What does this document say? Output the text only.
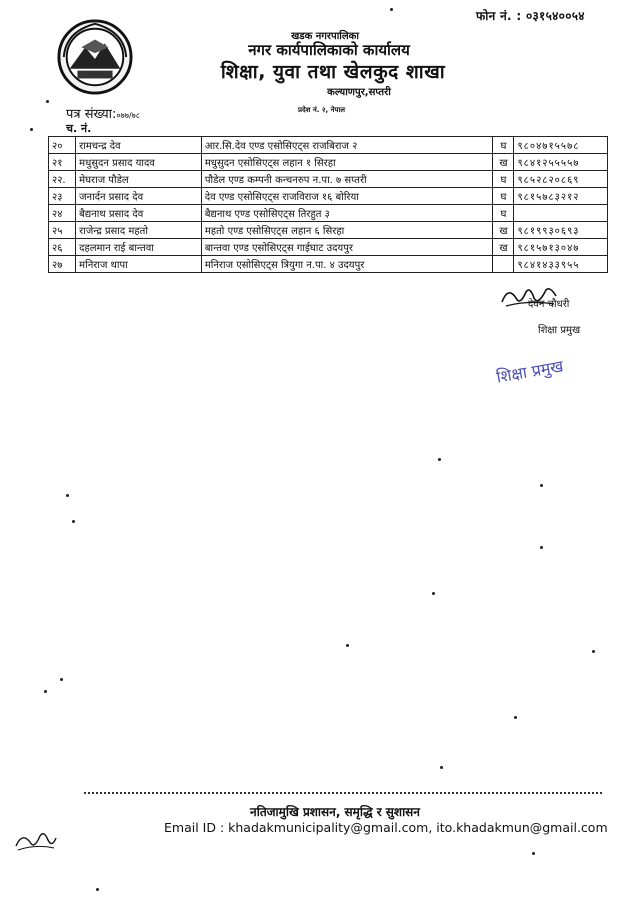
फोन नं. : ०३१५४००५४
खडक नगरपालिका
नगर कार्यपालिकाको कार्यालय
शिक्षा, युवा तथा खेलकुद शाखा
कल्याणपुर,सप्तरी
प्रदेश नं. २, नेपाल
पत्र संख्या:०७७/७८
च. नं.
२०	रामचन्द्र देव	आर.सि.देव एण्ड एसोसिएट्स राजबिराज २	घ	९८०४७१५५७८
२१	मधुसुदन प्रसाद यादव	मधुसुदन एसोसिएट्स लहान १ सिरहा	ख	९८४१२५५५५७
२२.	मेघराज पौडेल	पौडेल एण्ड कम्पनी कन्चनरुप न.पा. ७ सप्तरी	घ	९८५२८२०८६९
२३	जनार्दन प्रसाद देव	देव एण्ड एसोसिएट्स राजविराज १६ बोरिया	घ	९८१५७८३२१२
२४	बैद्यनाथ प्रसाद देव	बैद्यनाथ एण्ड एसोसिएट्स तिरहुत ३	घ	
२५	राजेन्द्र प्रसाद महतो	महतो एण्ड एसोसिएट्स लहान ६ सिरहा	ख	९८१९९३०६९३
२६	दहलमान राई बान्तवा	बान्तवा एण्ड एसोसिएट्स गाईघाट उदयपुर	ख	९८१५७१३०४७
२७	मनिराज थापा	मनिराज एसोसिएट्स त्रियुगा न.पा. ४ उदयपुर		९८४१४३३९५५
देवन चौधरी
शिक्षा प्रमुख
शिक्षा प्रमुख
नतिजामुखि प्रशासन, समृद्धि र सुशासन
Email ID : khadakmunicipality@gmail.com, ito.khadakmun@gmail.com
